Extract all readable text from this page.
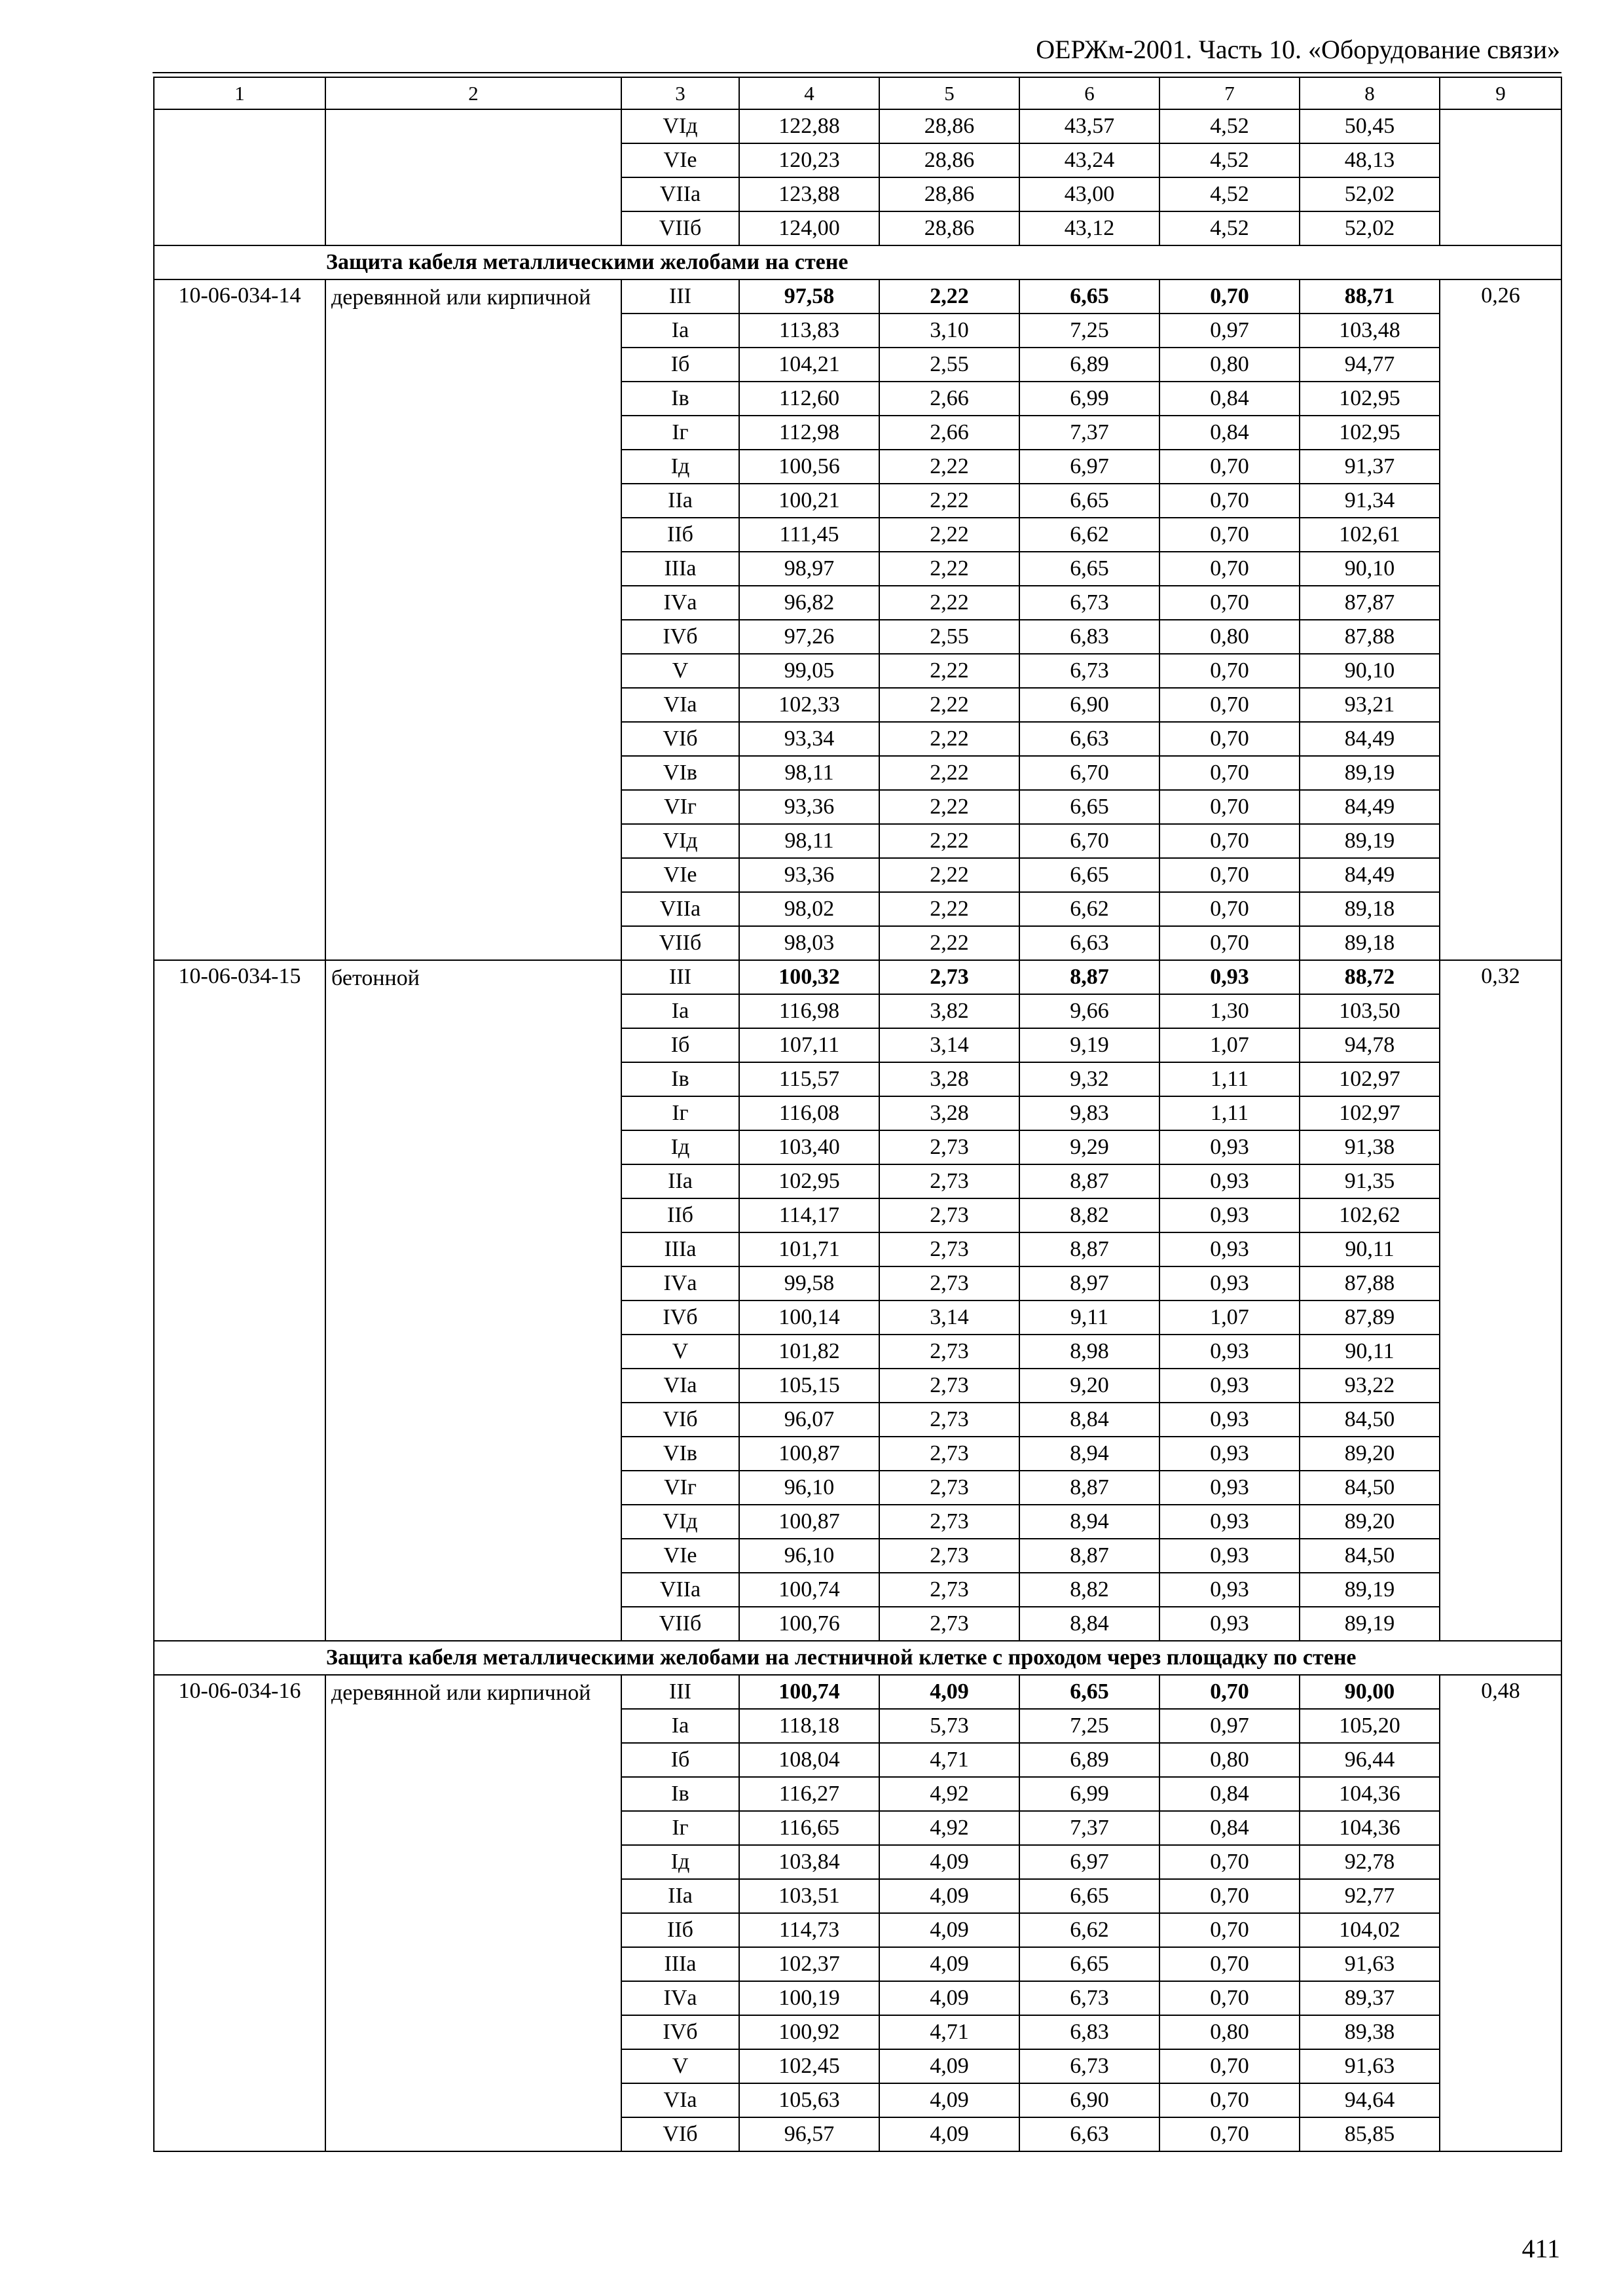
ОЕРЖм-2001. Часть 10. «Оборудование связи»
1	2	3	4	5	6	7	8	9
		VIд	122,88	28,86	43,57	4,52	50,45	
		VIе	120,23	28,86	43,24	4,52	48,13	
		VIIа	123,88	28,86	43,00	4,52	52,02	
		VIIб	124,00	28,86	43,12	4,52	52,02	
Защита кабеля металлическими желобами на стене								
10-06-034-14	деревянной или кирпичной	III	97,58	2,22	6,65	0,70	88,71	0,26
		Iа	113,83	3,10	7,25	0,97	103,48	
		Iб	104,21	2,55	6,89	0,80	94,77	
		Iв	112,60	2,66	6,99	0,84	102,95	
		Iг	112,98	2,66	7,37	0,84	102,95	
		Iд	100,56	2,22	6,97	0,70	91,37	
		IIа	100,21	2,22	6,65	0,70	91,34	
		IIб	111,45	2,22	6,62	0,70	102,61	
		IIIа	98,97	2,22	6,65	0,70	90,10	
		IVа	96,82	2,22	6,73	0,70	87,87	
		IVб	97,26	2,55	6,83	0,80	87,88	
		V	99,05	2,22	6,73	0,70	90,10	
		VIа	102,33	2,22	6,90	0,70	93,21	
		VIб	93,34	2,22	6,63	0,70	84,49	
		VIв	98,11	2,22	6,70	0,70	89,19	
		VIг	93,36	2,22	6,65	0,70	84,49	
		VIд	98,11	2,22	6,70	0,70	89,19	
		VIе	93,36	2,22	6,65	0,70	84,49	
		VIIа	98,02	2,22	6,62	0,70	89,18	
		VIIб	98,03	2,22	6,63	0,70	89,18	
10-06-034-15	бетонной	III	100,32	2,73	8,87	0,93	88,72	0,32
		Iа	116,98	3,82	9,66	1,30	103,50	
		Iб	107,11	3,14	9,19	1,07	94,78	
		Iв	115,57	3,28	9,32	1,11	102,97	
		Iг	116,08	3,28	9,83	1,11	102,97	
		Iд	103,40	2,73	9,29	0,93	91,38	
		IIа	102,95	2,73	8,87	0,93	91,35	
		IIб	114,17	2,73	8,82	0,93	102,62	
		IIIа	101,71	2,73	8,87	0,93	90,11	
		IVа	99,58	2,73	8,97	0,93	87,88	
		IVб	100,14	3,14	9,11	1,07	87,89	
		V	101,82	2,73	8,98	0,93	90,11	
		VIа	105,15	2,73	9,20	0,93	93,22	
		VIб	96,07	2,73	8,84	0,93	84,50	
		VIв	100,87	2,73	8,94	0,93	89,20	
		VIг	96,10	2,73	8,87	0,93	84,50	
		VIд	100,87	2,73	8,94	0,93	89,20	
		VIе	96,10	2,73	8,87	0,93	84,50	
		VIIа	100,74	2,73	8,82	0,93	89,19	
		VIIб	100,76	2,73	8,84	0,93	89,19	
Защита кабеля металлическими желобами на лестничной клетке с проходом через площадку по стене								
10-06-034-16	деревянной или кирпичной	III	100,74	4,09	6,65	0,70	90,00	0,48
		Iа	118,18	5,73	7,25	0,97	105,20	
		Iб	108,04	4,71	6,89	0,80	96,44	
		Iв	116,27	4,92	6,99	0,84	104,36	
		Iг	116,65	4,92	7,37	0,84	104,36	
		Iд	103,84	4,09	6,97	0,70	92,78	
		IIа	103,51	4,09	6,65	0,70	92,77	
		IIб	114,73	4,09	6,62	0,70	104,02	
		IIIа	102,37	4,09	6,65	0,70	91,63	
		IVа	100,19	4,09	6,73	0,70	89,37	
		IVб	100,92	4,71	6,83	0,80	89,38	
		V	102,45	4,09	6,73	0,70	91,63	
		VIа	105,63	4,09	6,90	0,70	94,64	
		VIб	96,57	4,09	6,63	0,70	85,85	
411
